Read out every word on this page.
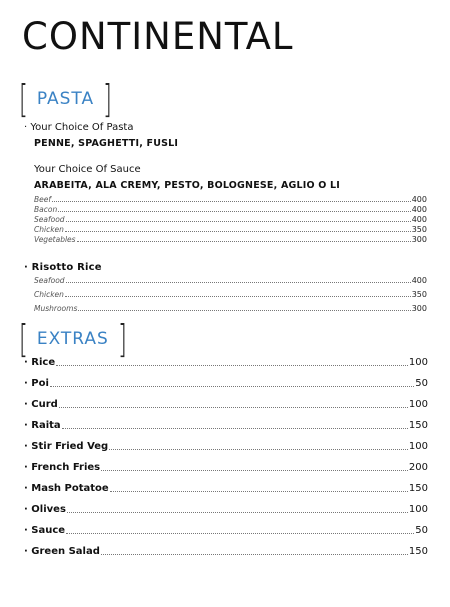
CONTINENTAL
[ PASTA ]
· Your Choice Of Pasta
PENNE, SPAGHETTI, FUSLI
Your Choice Of Sauce
ARABEITA, ALA CREMY, PESTO, BOLOGNESE, AGLIO O LI
Beef	400
Bacon	400
Seafood	400
Chicken	350
Vegetables	300
· Risotto Rice
Seafood	400
Chicken	350
Mushrooms	300
[ EXTRAS ]
· Rice	100
· Poi	50
· Curd	100
· Raita	150
· Stir Fried Veg	100
· French Fries	200
· Mash Potatoe	150
· Olives	100
· Sauce	50
· Green Salad	150
